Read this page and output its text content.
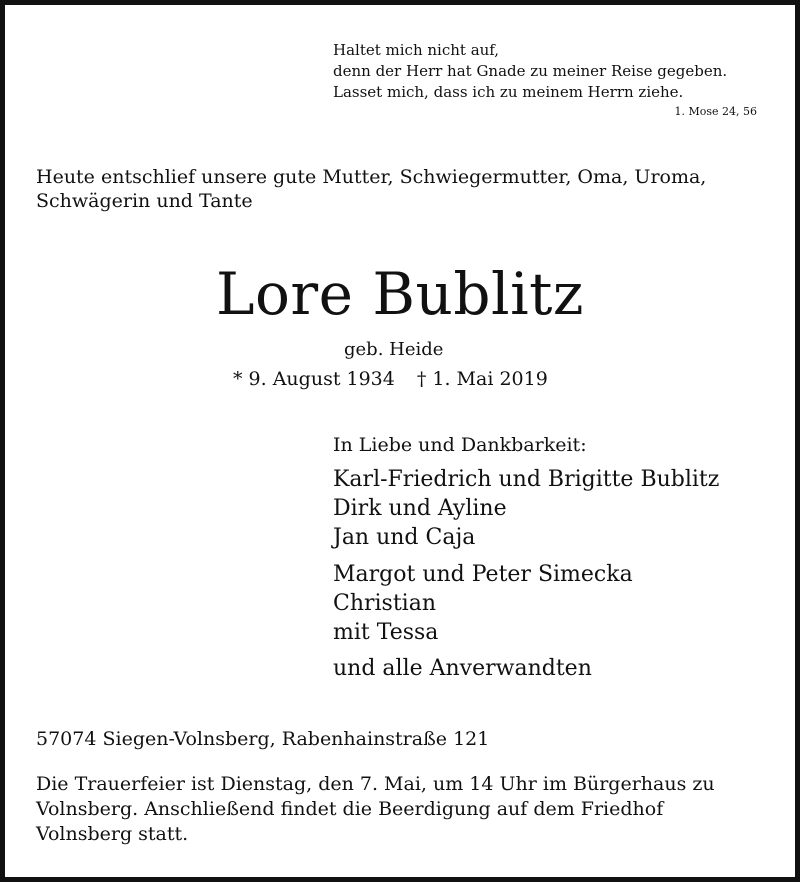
Haltet mich nicht auf,
denn der Herr hat Gnade zu meiner Reise gegeben.
Lasset mich, dass ich zu meinem Herrn ziehe.
1. Mose 24, 56
Heute entschlief unsere gute Mutter, Schwiegermutter, Oma, Uroma,
Schwägerin und Tante
Lore Bublitz
geb. Heide
* 9. August 1934 † 1. Mai 2019
In Liebe und Dankbarkeit:
Karl-Friedrich und Brigitte Bublitz
Dirk und Ayline
Jan und Caja
Margot und Peter Simecka
Christian
mit Tessa
und alle Anverwandten
57074 Siegen-Volnsberg, Rabenhainstraße 121
Die Trauerfeier ist Dienstag, den 7. Mai, um 14 Uhr im Bürgerhaus zu
Volnsberg. Anschließend findet die Beerdigung auf dem Friedhof
Volnsberg statt.
